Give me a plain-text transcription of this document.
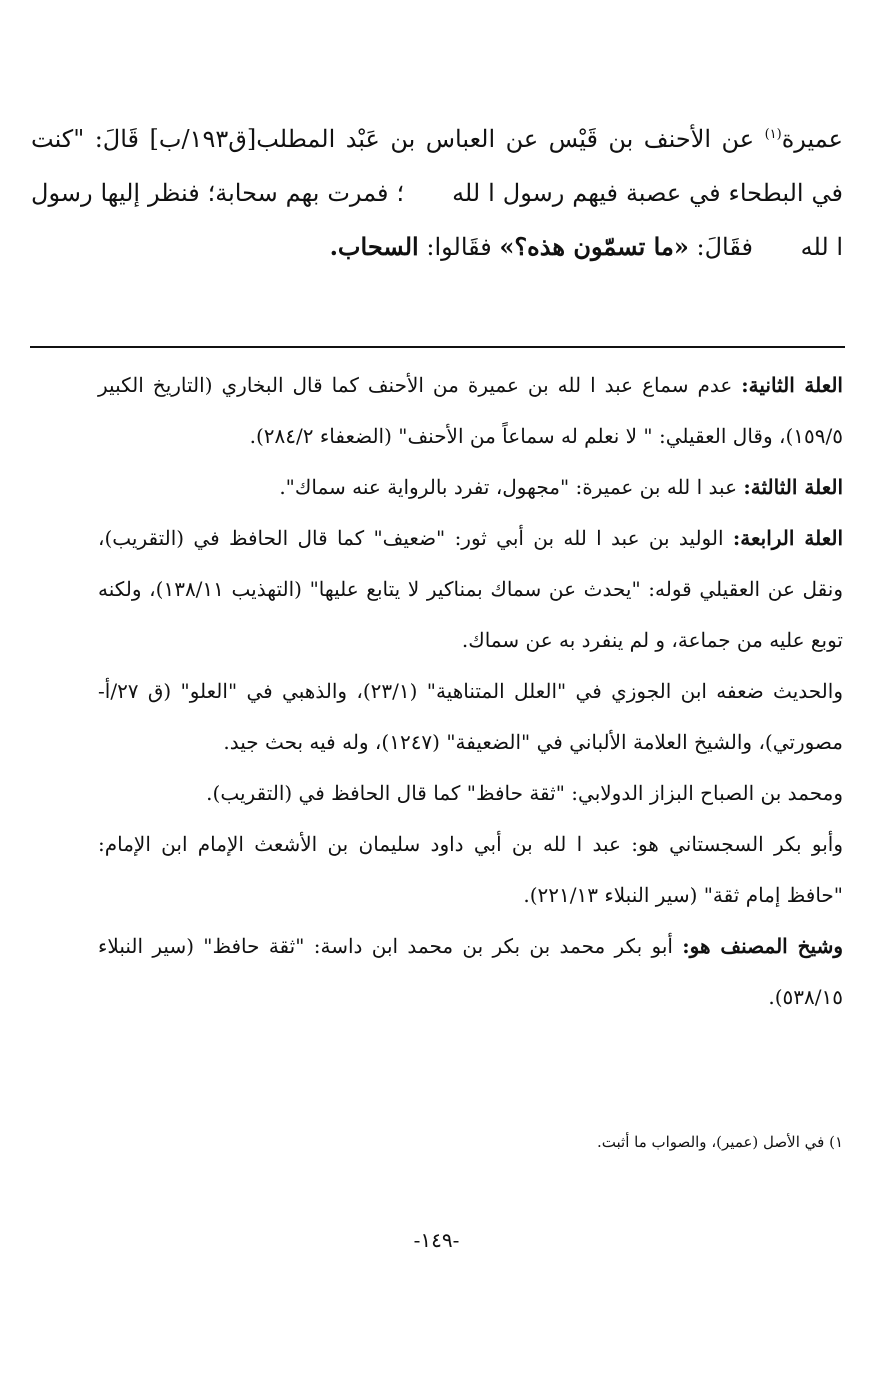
عميرة$^{(١)}$ عن الأحنف بن قَيْس عن العباس بن عَبْد المطلب[ق١٩٣/ب] قَالَ: "كنت في البطحاء في عصبة فيهم رسول ا لله ؛ فمرت بهم سحابة؛ فنظر إليها رسول ا لله فقَالَ: «ما تسمّون هذه؟» فقَالوا: السحاب.

العلة الثانية: عدم سماع عبد ا لله بن عميرة من الأحنف كما قال البخاري (التاريخ الكبير ١٥٩/٥)، وقال العقيلي: " لا نعلم له سماعاً من الأحنف" (الضعفاء ٢٨٤/٢).

العلة الثالثة: عبد ا لله بن عميرة: "مجهول، تفرد بالرواية عنه سماك".

العلة الرابعة: الوليد بن عبد ا لله بن أبي ثور: "ضعيف" كما قال الحافظ في (التقريب)، ونقل عن العقيلي قوله: "يحدث عن سماك بمناكير لا يتابع عليها" (التهذيب ١٣٨/١١)، ولكنه توبع عليه من جماعة، و لم ينفرد به عن سماك.

والحديث ضعفه ابن الجوزي في "العلل المتناهية" (٢٣/١)، والذهبي في "العلو" (ق ٢٧/أ-مصورتي)، والشيخ العلامة الألباني في "الضعيفة" (١٢٤٧)، وله فيه بحث جيد.

ومحمد بن الصباح البزاز الدولابي: "ثقة حافظ" كما قال الحافظ في (التقريب).

وأبو بكر السجستاني هو: عبد ا لله بن أبي داود سليمان بن الأشعث الإمام ابن الإمام: "حافظ إمام ثقة" (سير النبلاء ٢٢١/١٣).

وشيخ المصنف هو: أبو بكر محمد بن بكر بن محمد ابن داسة: "ثقة حافظ" (سير النبلاء ٥٣٨/١٥).

١) في الأصل (عمير)، والصواب ما أثبت.
-١٤٩-
